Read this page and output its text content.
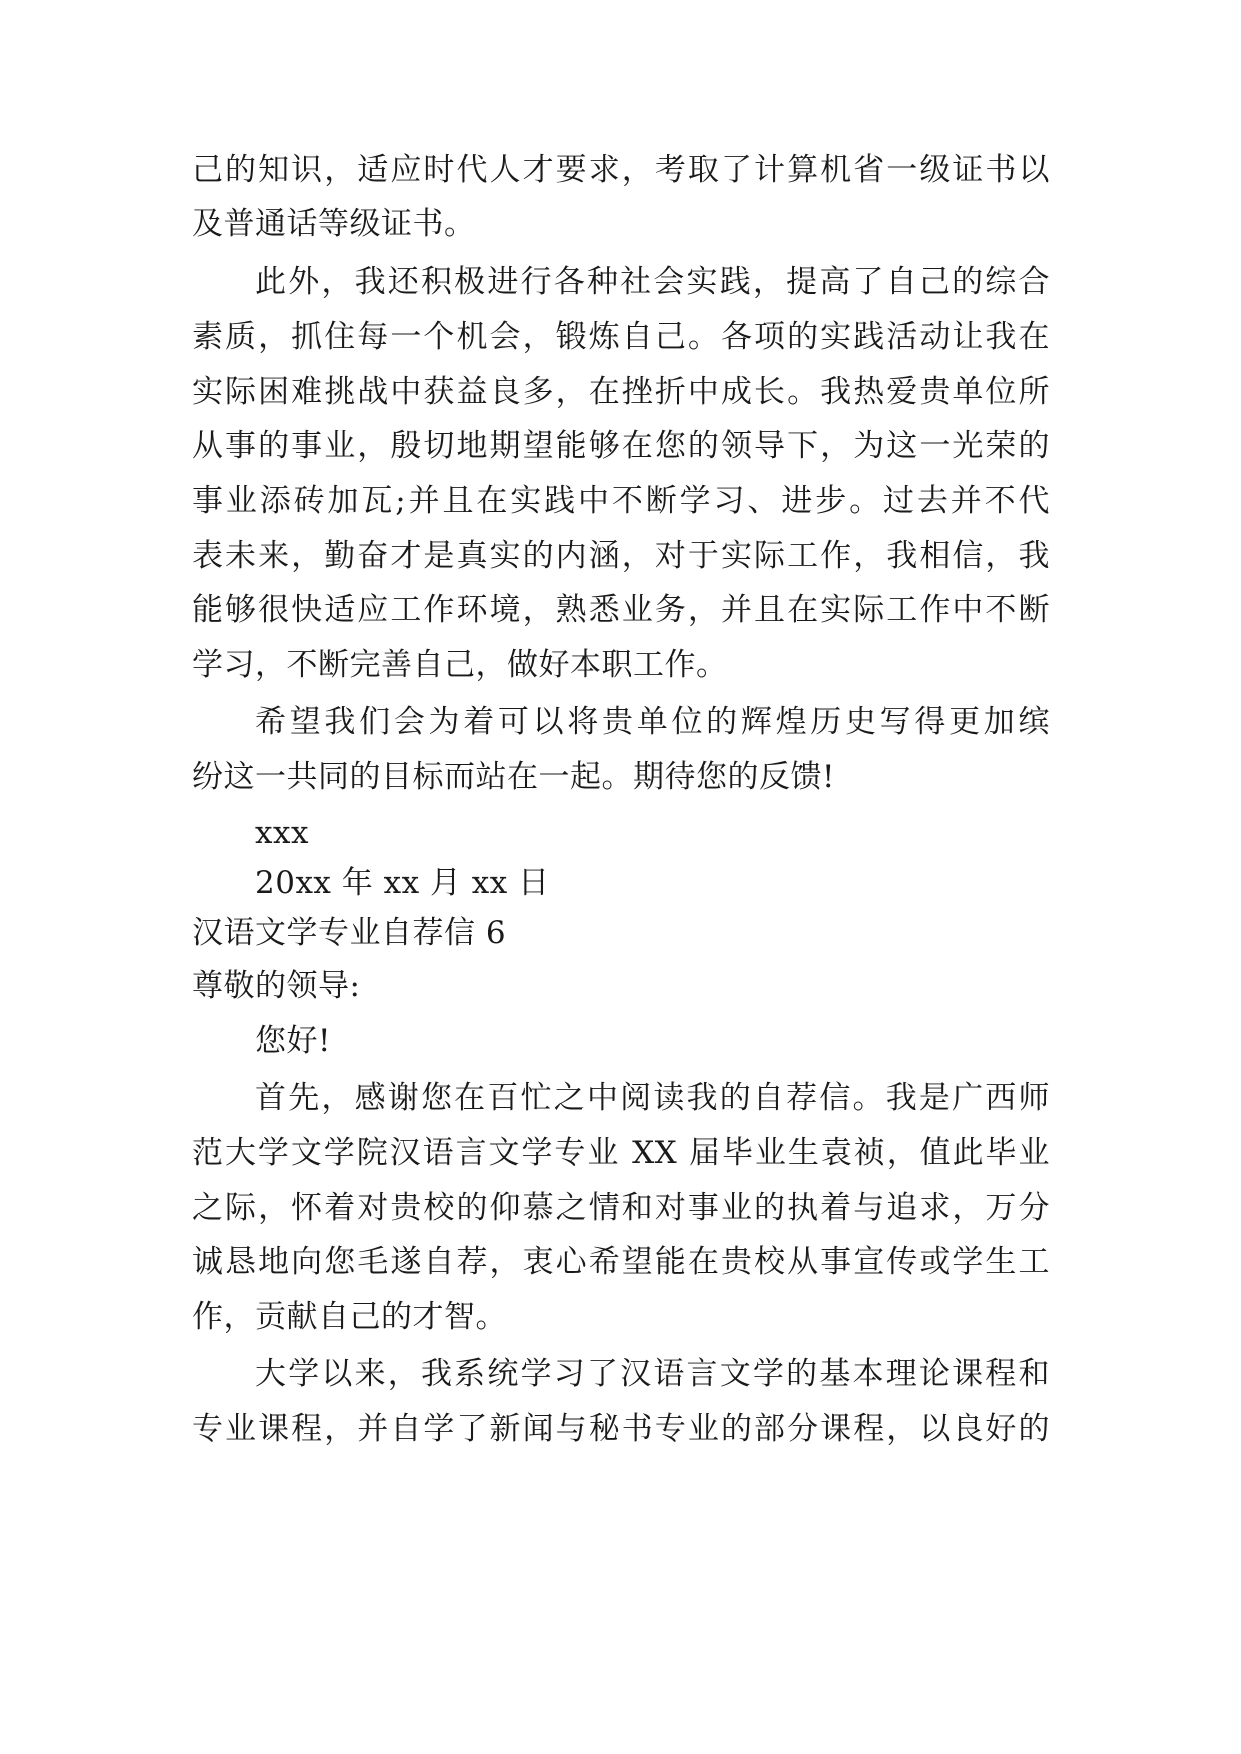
己的知识，适应时代人才要求，考取了计算机省一级证书以
及普通话等级证书。
此外，我还积极进行各种社会实践，提高了自己的综合
素质，抓住每一个机会，锻炼自己。各项的实践活动让我在
实际困难挑战中获益良多，在挫折中成长。我热爱贵单位所
从事的事业，殷切地期望能够在您的领导下，为这一光荣的
事业添砖加瓦;并且在实践中不断学习、进步。过去并不代
表未来，勤奋才是真实的内涵，对于实际工作，我相信，我
能够很快适应工作环境，熟悉业务，并且在实际工作中不断
学习，不断完善自己，做好本职工作。
希望我们会为着可以将贵单位的辉煌历史写得更加缤
纷这一共同的目标而站在一起。期待您的反馈!
xxx
20xx 年 xx 月 xx 日
汉语文学专业自荐信 6
尊敬的领导:
您好!
首先，感谢您在百忙之中阅读我的自荐信。我是广西师
范大学文学院汉语言文学专业 XX 届毕业生袁祯，值此毕业
之际，怀着对贵校的仰慕之情和对事业的执着与追求，万分
诚恳地向您毛遂自荐，衷心希望能在贵校从事宣传或学生工
作，贡献自己的才智。
大学以来，我系统学习了汉语言文学的基本理论课程和
专业课程，并自学了新闻与秘书专业的部分课程，以良好的
